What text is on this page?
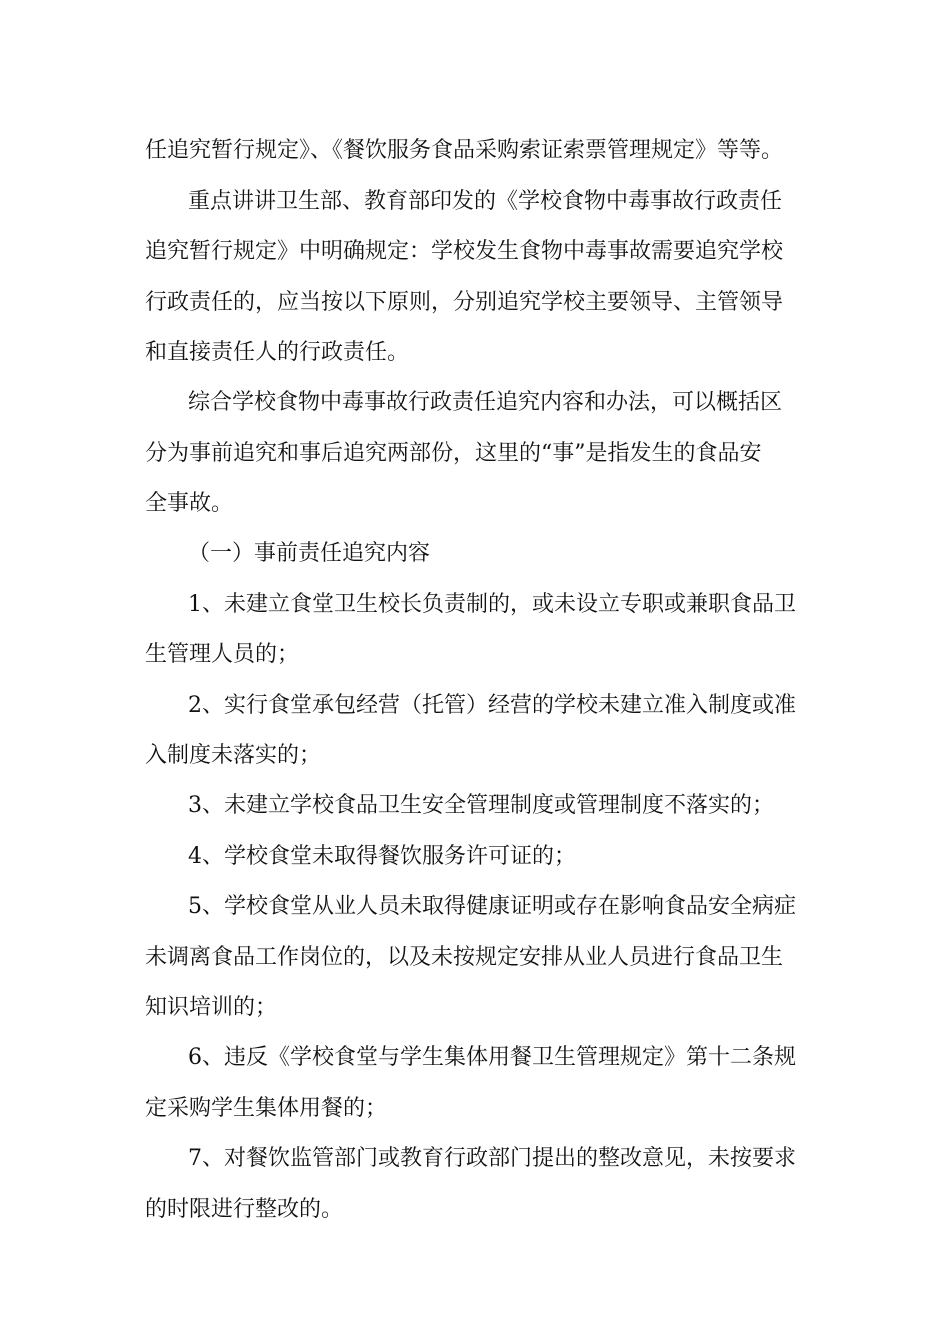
任追究暂行规定》、《餐饮服务食品采购索证索票管理规定》等等。

重点讲讲卫生部、教育部印发的《学校食物中毒事故行政责任

追究暂行规定》中明确规定：学校发生食物中毒事故需要追究学校

行政责任的，应当按以下原则，分别追究学校主要领导、主管领导

和直接责任人的行政责任。

综合学校食物中毒事故行政责任追究内容和办法，可以概括区

分为事前追究和事后追究两部份，这里的“事”是指发生的食品安

全事故。

（一）事前责任追究内容

1、未建立食堂卫生校长负责制的，或未设立专职或兼职食品卫

生管理人员的；

2、实行食堂承包经营（托管）经营的学校未建立准入制度或准

入制度未落实的；

3、未建立学校食品卫生安全管理制度或管理制度不落实的；

4、学校食堂未取得餐饮服务许可证的；

5、学校食堂从业人员未取得健康证明或存在影响食品安全病症

未调离食品工作岗位的，以及未按规定安排从业人员进行食品卫生

知识培训的；

6、违反《学校食堂与学生集体用餐卫生管理规定》第十二条规

定采购学生集体用餐的；

7、对餐饮监管部门或教育行政部门提出的整改意见，未按要求

的时限进行整改的。
